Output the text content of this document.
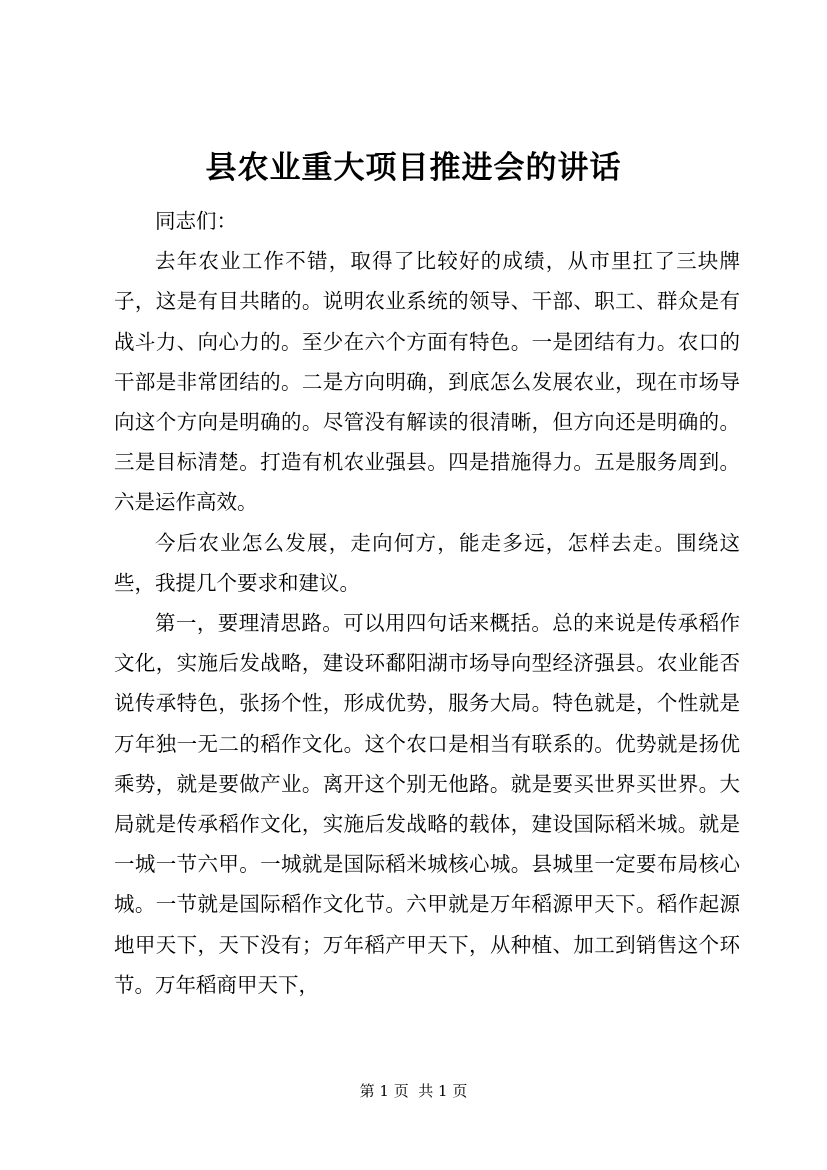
县农业重大项目推进会的讲话

同志们：

去年农业工作不错，取得了比较好的成绩，从市里扛了三块牌子，这是有目共睹的。说明农业系统的领导、干部、职工、群众是有战斗力、向心力的。至少在六个方面有特色。一是团结有力。农口的干部是非常团结的。二是方向明确，到底怎么发展农业，现在市场导向这个方向是明确的。尽管没有解读的很清晰，但方向还是明确的。三是目标清楚。打造有机农业强县。四是措施得力。五是服务周到。六是运作高效。

今后农业怎么发展，走向何方，能走多远，怎样去走。围绕这些，我提几个要求和建议。

第一，要理清思路。可以用四句话来概括。总的来说是传承稻作文化，实施后发战略，建设环鄱阳湖市场导向型经济强县。农业能否说传承特色，张扬个性，形成优势，服务大局。特色就是，个性就是万年独一无二的稻作文化。这个农口是相当有联系的。优势就是扬优乘势，就是要做产业。离开这个别无他路。就是要买世界买世界。大局就是传承稻作文化，实施后发战略的载体，建设国际稻米城。就是一城一节六甲。一城就是国际稻米城核心城。县城里一定要布局核心城。一节就是国际稻作文化节。六甲就是万年稻源甲天下。稻作起源地甲天下，天下没有；万年稻产甲天下，从种植、加工到销售这个环节。万年稻商甲天下，

第 1 页  共 1 页
